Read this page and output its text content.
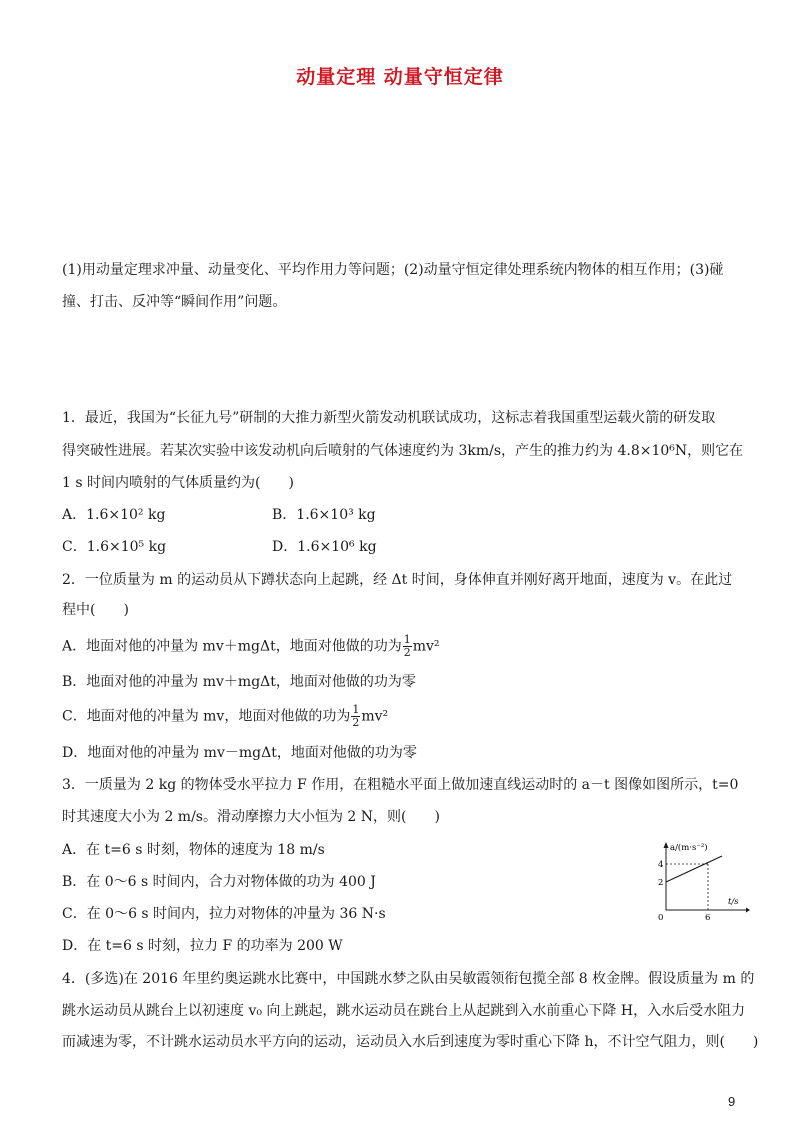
动量定理 动量守恒定律
(1)用动量定理求冲量、动量变化、平均作用力等问题；(2)动量守恒定律处理系统内物体的相互作用；(3)碰
撞、打击、反冲等“瞬间作用”问题。
1．最近，我国为“长征九号”研制的大推力新型火箭发动机联试成功，这标志着我国重型运载火箭的研发取
得突破性进展。若某次实验中该发动机向后喷射的气体速度约为 3km/s，产生的推力约为 4.8×10⁶N，则它在
1 s 时间内喷射的气体质量约为(　　)
A．1.6×10² kg	B．1.6×10³ kg
C．1.6×10⁵ kg	D．1.6×10⁶ kg
2．一位质量为 m 的运动员从下蹲状态向上起跳，经 Δt 时间，身体伸直并刚好离开地面，速度为 v。在此过
程中(　　)
A．地面对他的冲量为 mv＋mgΔt，地面对他做的功为 $\frac{1}{2} mv^2$
B．地面对他的冲量为 mv＋mgΔt，地面对他做的功为零
C．地面对他的冲量为 mv，地面对他做的功为 $\frac{1}{2} mv^2$
D．地面对他的冲量为 mv－mgΔt，地面对他做的功为零
3．一质量为 2 kg 的物体受水平拉力 F 作用，在粗糙水平面上做加速直线运动时的 a－t 图像如图所示，t=0
时其速度大小为 2 m/s。滑动摩擦力大小恒为 2 N，则(　　)
A．在 t=6 s 时刻，物体的速度为 18 m/s
B．在 0～6 s 时间内，合力对物体做的功为 400 J
C．在 0～6 s 时间内，拉力对物体的冲量为 36 N·s
D．在 t=6 s 时刻，拉力 F 的功率为 200 W
a/(m·s⁻²)
t/s
0
2
4
6
4．(多选)在 2016 年里约奥运跳水比赛中，中国跳水梦之队由吴敏霞领衔包揽全部 8 枚金牌。假设质量为 m 的
跳水运动员从跳台上以初速度 v₀ 向上跳起，跳水运动员在跳台上从起跳到入水前重心下降 H，入水后受水阻力
而减速为零，不计跳水运动员水平方向的运动，运动员入水后到速度为零时重心下降 h，不计空气阻力，则(　　)
9
